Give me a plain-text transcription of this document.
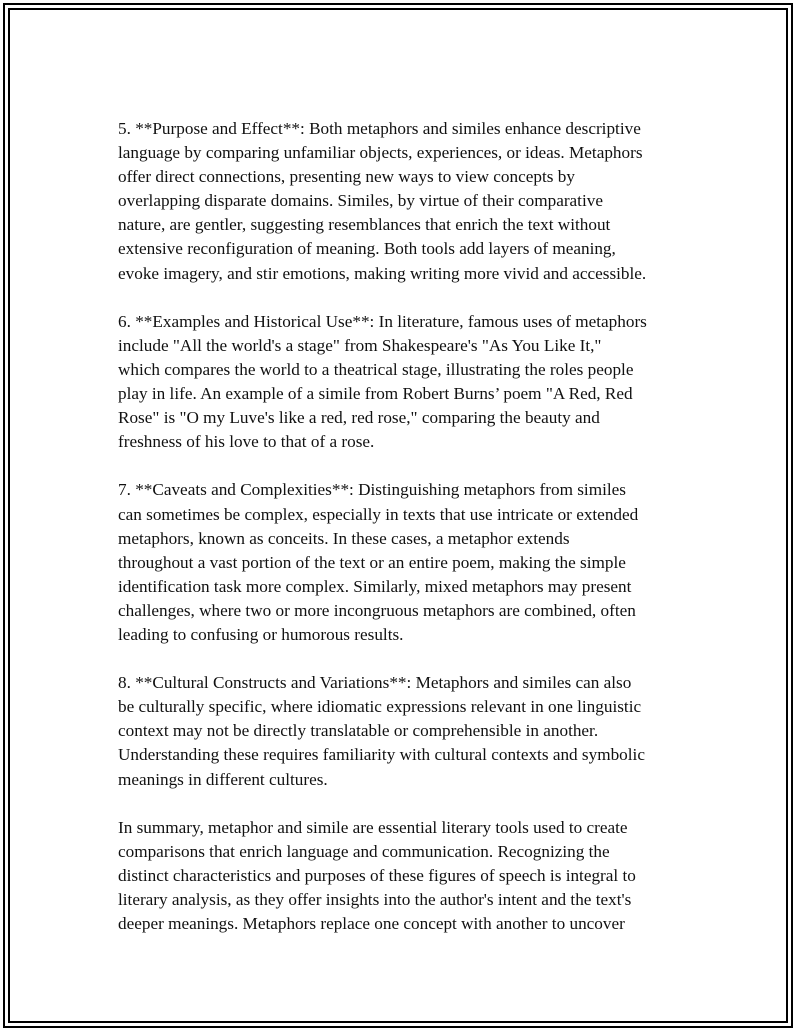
5. **Purpose and Effect**: Both metaphors and similes enhance descriptive
language by comparing unfamiliar objects, experiences, or ideas. Metaphors
offer direct connections, presenting new ways to view concepts by
overlapping disparate domains. Similes, by virtue of their comparative
nature, are gentler, suggesting resemblances that enrich the text without
extensive reconfiguration of meaning. Both tools add layers of meaning,
evoke imagery, and stir emotions, making writing more vivid and accessible.

6. **Examples and Historical Use**: In literature, famous uses of metaphors
include "All the world's a stage" from Shakespeare's "As You Like It,"
which compares the world to a theatrical stage, illustrating the roles people
play in life. An example of a simile from Robert Burns’ poem "A Red, Red
Rose" is "O my Luve's like a red, red rose," comparing the beauty and
freshness of his love to that of a rose.

7. **Caveats and Complexities**: Distinguishing metaphors from similes
can sometimes be complex, especially in texts that use intricate or extended
metaphors, known as conceits. In these cases, a metaphor extends
throughout a vast portion of the text or an entire poem, making the simple
identification task more complex. Similarly, mixed metaphors may present
challenges, where two or more incongruous metaphors are combined, often
leading to confusing or humorous results.

8. **Cultural Constructs and Variations**: Metaphors and similes can also
be culturally specific, where idiomatic expressions relevant in one linguistic
context may not be directly translatable or comprehensible in another.
Understanding these requires familiarity with cultural contexts and symbolic
meanings in different cultures.

In summary, metaphor and simile are essential literary tools used to create
comparisons that enrich language and communication. Recognizing the
distinct characteristics and purposes of these figures of speech is integral to
literary analysis, as they offer insights into the author's intent and the text's
deeper meanings. Metaphors replace one concept with another to uncover
